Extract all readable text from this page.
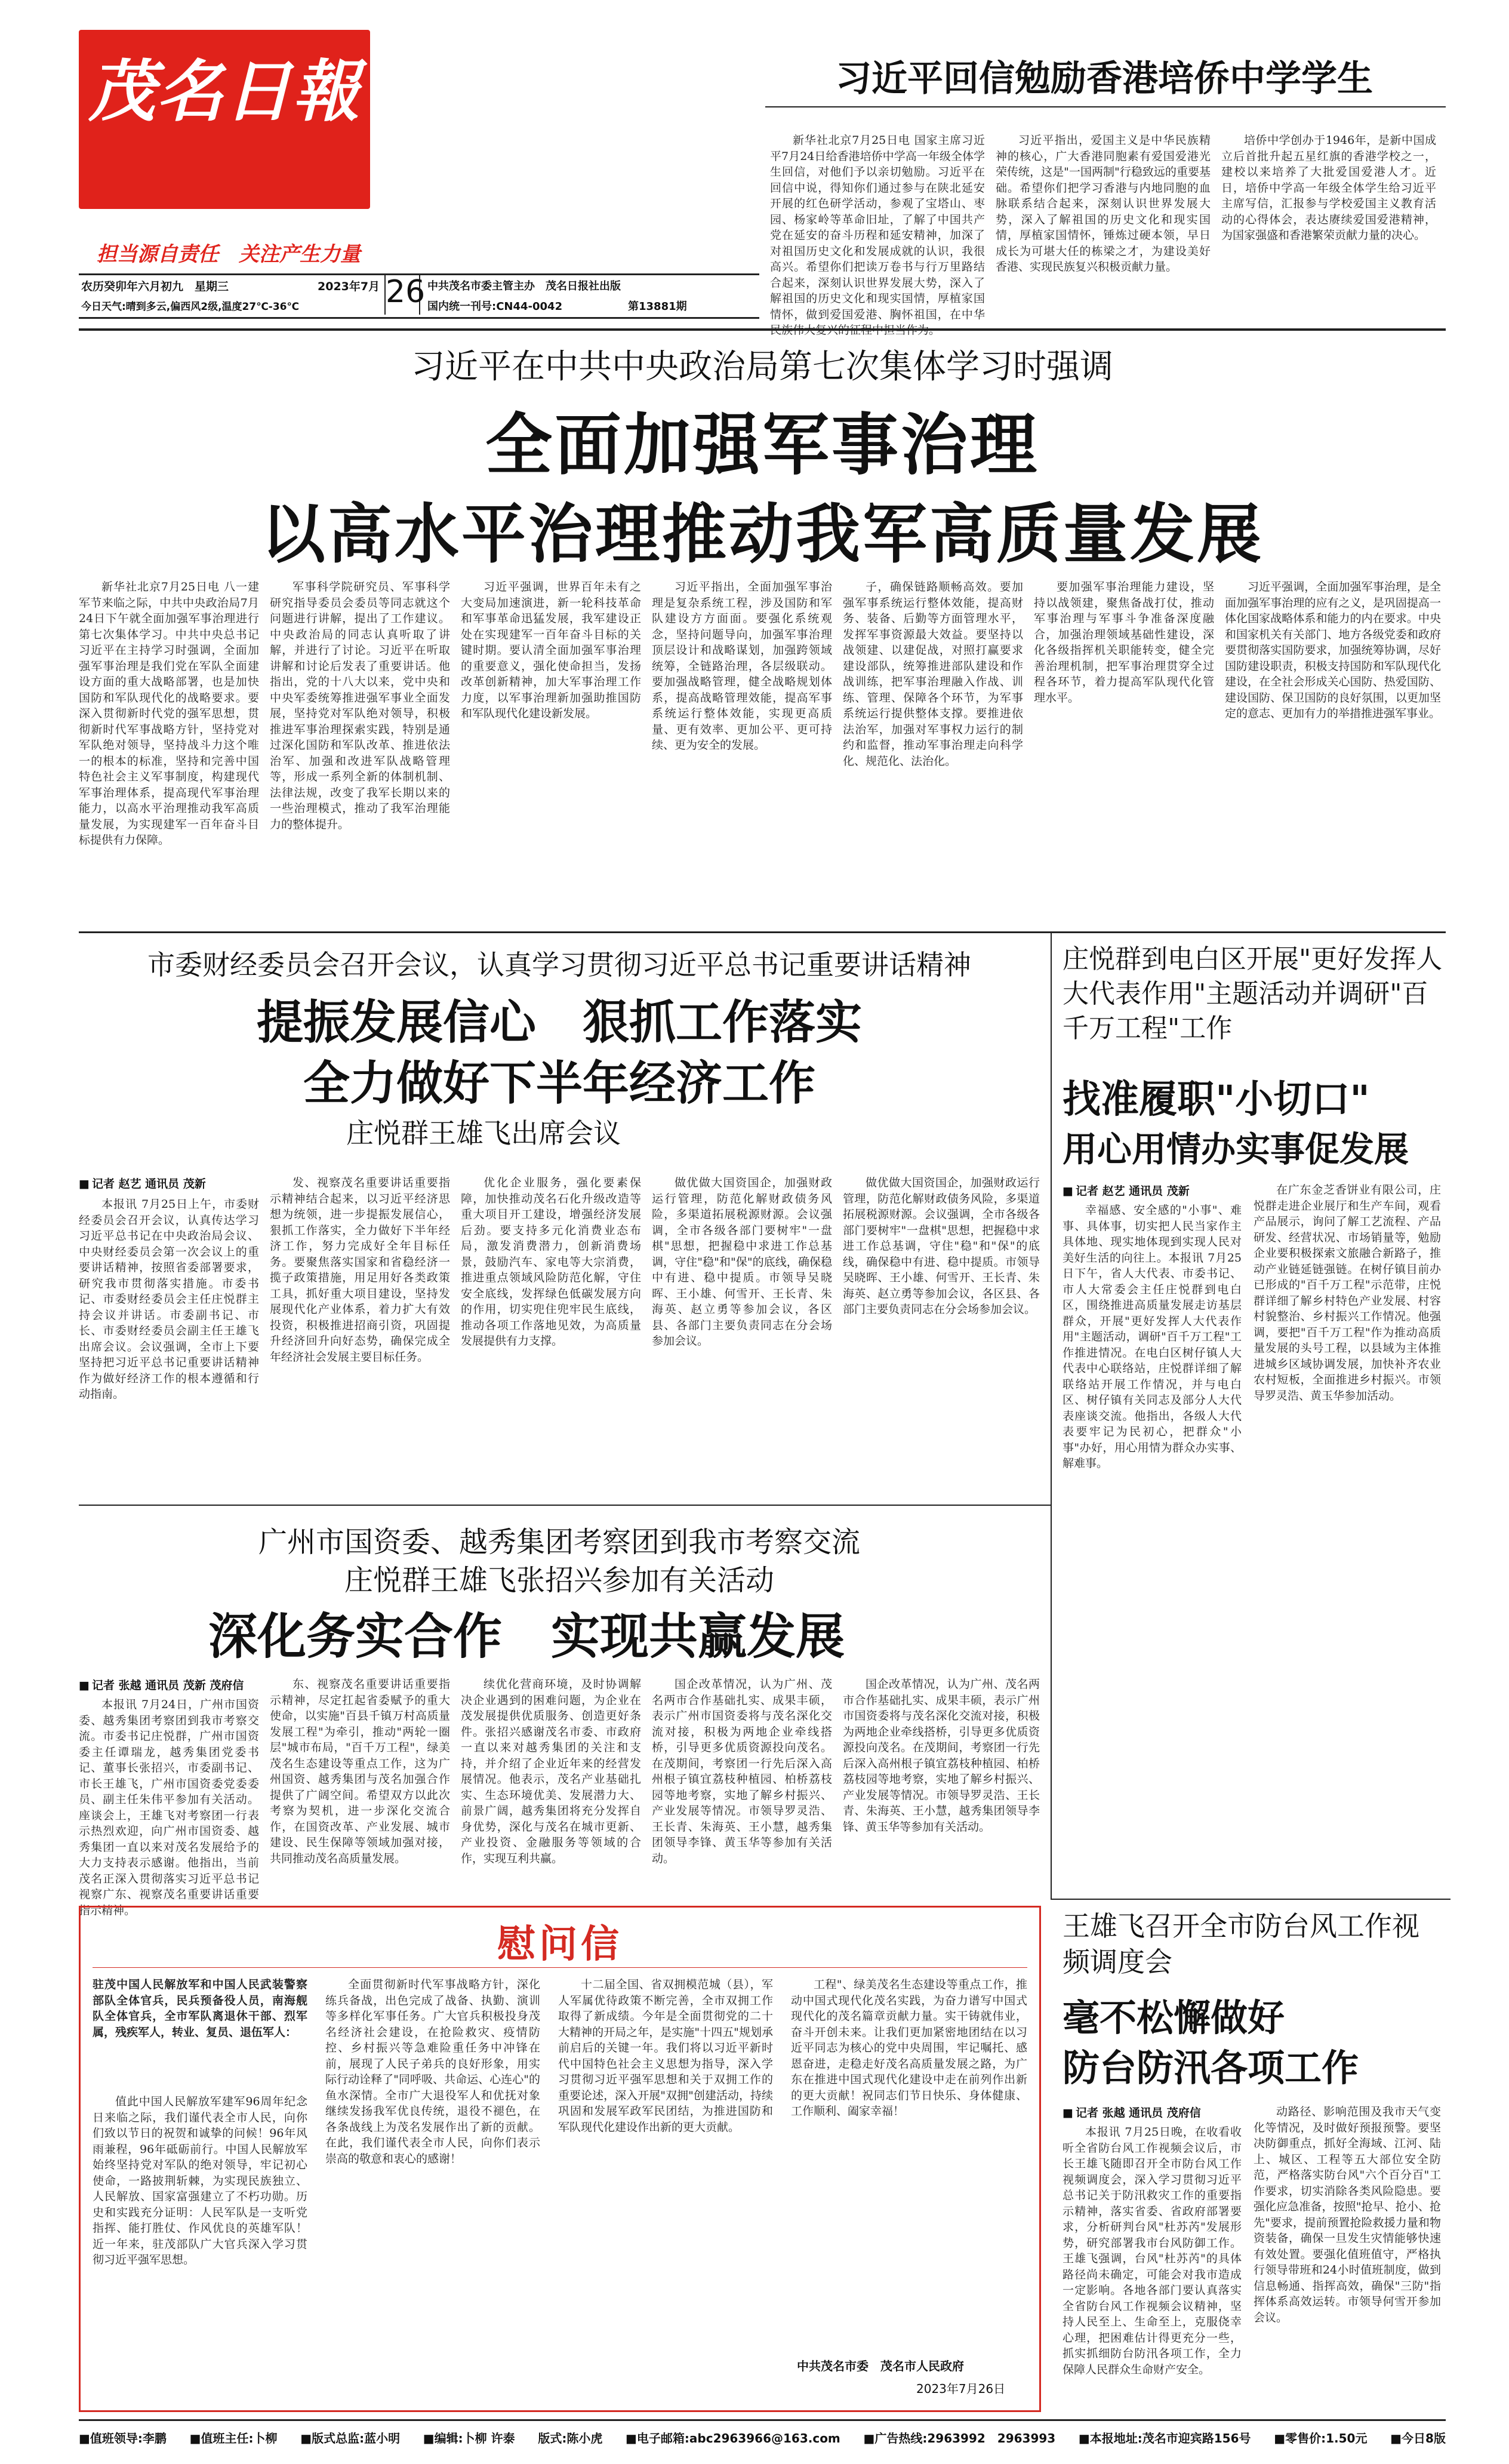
茂名日報
担当源自责任　关注产生力量
农历癸卯年六月初九　星期三
今日天气:晴到多云,偏西风2级,温度27℃-36℃
2023年7月 26 中共茂名市委主管主办　茂名日报社出版
国内统一刊号:CN44-0042	第13881期
习近平回信勉励香港培侨中学学生

新华社北京7月25日电 国家主席习近平7月24日给香港培侨中学高一年级全体学生回信，对他们予以亲切勉励。习近平在回信中说，得知你们通过参与在陕北延安开展的红色研学活动，参观了宝塔山、枣园、杨家岭等革命旧址，了解了中国共产党在延安的奋斗历程和延安精神，加深了对祖国历史文化和发展成就的认识，我很高兴。希望你们把读万卷书与行万里路结合起来，深刻认识世界发展大势，深入了解祖国的历史文化和现实国情，厚植家国情怀，做到爱国爱港、胸怀祖国，在中华

习近平指出，爱国主义是中华民族精神的核心，广大香港同胞素有爱国爱港光荣传统，这是"一国两制"行稳致远的重要基础。希望你们把学习香港与内地同胞的血脉联系结合起来，深刻认识世界发展大势，深入了解祖国的历史文化和现实国情，厚植家国情怀，锤炼过硬本领，早日成长为可堪大任的栋梁之才，为建设美好香港、实现民族复兴积极贡献力量。

培侨中学创办于1946年，是新中国成立后首批升起五星红旗的香港学校之一，建校以来培养了大批爱国爱港人才。近日，培侨中学高一年级全体学生给习近平主席写信，汇报参与学校爱国主义教育活动的心得体会，表达赓续爱国爱港精神，为国家强盛和香港繁荣贡献力量的决心。

习近平在中共中央政治局第七次集体学习时强调
全面加强军事治理
以高水平治理推动我军高质量发展

新华社北京7月25日电 八一建军节来临之际，中共中央政治局7月24日下午就全面加强军事治理进行第七次集体学习。中共中央总书记习近平在主持学习时强调，全面加强军事治理是我们党在军队全面建设方面的重大战略部署，也是加快国防和军队现代化的战略要求。要深入贯彻新时代党的强军思想，贯彻新时代军事战略方针，坚持党对军队绝对领导，坚持战斗力这个唯一的根本的标准，坚持和完善中国特色社会主义军事制度，构建现代军事治理体系，提高现代军事治理能力，以高水平治理推动我军高质量发展，为实现建军一百年奋斗目标提供有力保障。

军事科学院研究员、军事科学研究指导委员会委员等同志就这个问题进行讲解，提出了工作建议。中央政治局的同志认真听取了讲解，并进行了讨论。习近平在听取讲解和讨论后发表了重要讲话。他指出，党的十八大以来，党中央和中央军委统筹推进强军事业全面发展，坚持党对军队绝对领导，积极推进军事治理探索实践，特别是通过深化国防和军队改革、推进依法治军、加强和改进军队战略管理等，形成一系列全新的体制机制、法律法规，改变了我军长期以来的一些治理模式，推动了我军治理能力的整体提升。

习近平强调，世界百年未有之大变局加速演进，新一轮科技革命和军事革命迅猛发展，我军建设正处在实现建军一百年奋斗目标的关键时期。要认清全面加强军事治理的重要意义，强化使命担当，发扬改革创新精神，加大军事治理工作力度，以军事治理新加强助推国防和军队现代化建设新发展。

习近平指出，全面加强军事治理是复杂系统工程，涉及国防和军队建设方方面面。要强化系统观念，坚持问题导向，加强军事治理顶层设计和战略谋划，加强跨领域统筹，全链路治理，各层级联动。要加强战略管理，健全战略规划体系，提高战略管理效能，提高军事系统运行整体效能，实现更高质量、更有效率、更加公平、更可持续、更为安全的发展。

子，确保链路顺畅高效。要加强军事系统运行整体效能，提高财务、装备、后勤等方面管理水平，发挥军事资源最大效益。要坚持以战领建、以建促战，对照打赢要求建设部队，统筹推进部队建设和作战训练，把军事治理融入作战、训练、管理、保障各个环节，为军事系统运行提供整体支撑。要推进依法治军，加强对军事权力运行的制约和监督，推动军事治理走向科学化、规范化、法治化。

要加强军事治理能力建设，坚持以战领建，聚焦备战打仗，推动军事治理与军事斗争准备深度融合，加强治理领域基础性建设，深化各级指挥机关职能转变，健全完善治理机制，把军事治理贯穿全过程各环节，着力提高军队现代化管理水平。

习近平强调，全面加强军事治理，是全面加强军事治理的应有之义，是巩固提高一体化国家战略体系和能力的内在要求。中央和国家机关有关部门、地方各级党委和政府要贯彻落实国防要求，加强统筹协调，尽好国防建设职责，积极支持国防和军队现代化建设，在全社会形成关心国防、热爱国防、建设国防、保卫国防的良好氛围，以更加坚定的意志、更加有力的举措推进强军事业。

市委财经委员会召开会议，认真学习贯彻习近平总书记重要讲话精神
提振发展信心　狠抓工作落实
全力做好下半年经济工作
庄悦群王雄飞出席会议
■ 记者 赵艺 通讯员 茂新

本报讯 7月25日上午，市委财经委员会召开会议，认真传达学习习近平总书记在中央政治局会议、中央财经委员会第一次会议上的重要讲话精神，按照省委部署要求，研究我市贯彻落实措施。市委书记、市委财经委员会主任庄悦群主持会议并讲话。市委副书记、市长、市委财经委员会副主任王雄飞出席会议。会议强调，全市上下要坚持把习近平总书记重要讲话精神作为做好经济工作的根本遵循和行动指南。

发、视察茂名重要讲话重要指示精神结合起来，以习近平经济思想为统领，进一步提振发展信心，狠抓工作落实，全力做好下半年经济工作，努力完成好全年目标任务。要聚焦落实国家和省稳经济一揽子政策措施，用足用好各类政策工具，抓好重大项目建设，坚持发展现代化产业体系，着力扩大有效投资，积极推进招商引资，巩固提升经济回升向好态势，确保完成全年经济社会发展主要目标任务。

优化企业服务，强化要素保障，加快推动茂名石化升级改造等重大项目开工建设，增强经济发展后劲。要支持多元化消费业态布局，激发消费潜力，创新消费场景，鼓励汽车、家电等大宗消费，推进重点领域风险防范化解，守住安全底线，发挥绿色低碳发展方向的作用，切实兜住兜牢民生底线，推动各项工作落地见效，为高质量发展提供有力支撑。

做优做大国资国企，加强财政运行管理，防范化解财政债务风险，多渠道拓展税源财源。会议强调，全市各级各部门要树牢"一盘棋"思想，把握稳中求进工作总基调，守住"稳"和"保"的底线，确保稳中有进、稳中提质。市领导吴晓晖、王小雄、何雪开、王长青、朱海英、赵立勇等参加会议，各区县、各部门主要负责同志在分会场参加会议。

做优做大国资国企，加强财政运行管理，防范化解财政债务风险，多渠道拓展税源财源。会议强调，全市各级各部门要树牢"一盘棋"思想，把握稳中求进工作总基调，守住"稳"和"保"的底线，确保稳中有进、稳中提质。市领导吴晓晖、王小雄、何雪开、王长青、朱海英、赵立勇等参加会议，各区县、各部门主要负责同志在分会场参加会议。

庄悦群到电白区开展"更好发挥人大代表作用"主题活动并调研"百千万工程"工作
找准履职"小切口"
用心用情办实事促发展
■ 记者 赵艺 通讯员 茂新

幸福感、安全感的"小事"、难事、具体事，切实把人民当家作主具体地、现实地体现到实现人民对美好生活的向往上。本报讯 7月25日下午，省人大代表、市委书记、市人大常委会主任庄悦群到电白区，围绕推进高质量发展走访基层群众，开展"更好发挥人大代表作用"主题活动，调研"百千万工程"工作推进情况。在电白区树仔镇人大代表中心联络站，庄悦群详细了解联络站开展工作情况，并与电白区、树仔镇有关同志及部分人大代表座谈交流。他指出，各级人大代表要牢记为民初心，把群众"小事"办好，用心用情为群众办实事、解难事。

在广东金芝香饼业有限公司，庄悦群走进企业展厅和生产车间，观看产品展示，询问了解工艺流程、产品研发、经营状况、市场销量等，勉励企业要积极探索文旅融合新路子，推动产业链延链强链。在树仔镇目前办已形成的"百千万工程"示范带，庄悦群详细了解乡村特色产业发展、村容村貌整治、乡村振兴工作情况。他强调，要把"百千万工程"作为推动高质量发展的头号工程，以县域为主体推进城乡区域协调发展，加快补齐农业农村短板，全面推进乡村振兴。市领导罗灵浩、黄玉华参加活动。

广州市国资委、越秀集团考察团到我市考察交流
庄悦群王雄飞张招兴参加有关活动
深化务实合作　实现共赢发展
■ 记者 张越 通讯员 茂新 茂府信

本报讯 7月24日，广州市国资委、越秀集团考察团到我市考察交流。市委书记庄悦群，广州市国资委主任谭瑞龙，越秀集团党委书记、董事长张招兴，市委副书记、市长王雄飞，广州市国资委党委委员、副主任朱伟平参加有关活动。座谈会上，王雄飞对考察团一行表示热烈欢迎，向广州市国资委、越秀集团一直以来对茂名发展给予的大力支持表示感谢。他指出，当前茂名正深入贯彻落实习近平总书记视察广东、视察茂名重要讲话重要指示精神。

东、视察茂名重要讲话重要指示精神，尽定扛起省委赋予的重大使命，以实施"百县千镇万村高质量发展工程"为牵引，推动"两轮一圈层"城市布局，"百千万工程"，绿美茂名生态建设等重点工作，这为广州国资、越秀集团与茂名加强合作提供了广阔空间。希望双方以此次考察为契机，进一步深化交流合作，在国资改革、产业发展、城市建设、民生保障等领域加强对接，共同推动茂名高质量发展。

续优化营商环境，及时协调解决企业遇到的困难问题，为企业在茂发展提供优质服务、创造更好条件。张招兴感谢茂名市委、市政府一直以来对越秀集团的关注和支持，并介绍了企业近年来的经营发展情况。他表示，茂名产业基础扎实、生态环境优美、发展潜力大、前景广阔，越秀集团将充分发挥自身优势，深化与茂名在城市更新、产业投资、金融服务等领域的合作，实现互利共赢。

国企改革情况，认为广州、茂名两市合作基础扎实、成果丰硕，表示广州市国资委将与茂名深化交流对接，积极为两地企业牵线搭桥，引导更多优质资源投向茂名。在茂期间，考察团一行先后深入高州根子镇宜荔枝种植园、柏桥荔枝园等地考察，实地了解乡村振兴、产业发展等情况。市领导罗灵浩、王长青、朱海英、王小慧，越秀集团领导李锋、黄玉华等参加有关活动。

国企改革情况，认为广州、茂名两市合作基础扎实、成果丰硕，表示广州市国资委将与茂名深化交流对接，积极为两地企业牵线搭桥，引导更多优质资源投向茂名。在茂期间，考察团一行先后深入高州根子镇宜荔枝种植园、柏桥荔枝园等地考察，实地了解乡村振兴、产业发展等情况。市领导罗灵浩、王长青、朱海英、王小慧，越秀集团领导李锋、黄玉华等参加有关活动。

慰问信

驻茂中国人民解放军和中国人民武装警察部队全体官兵，民兵预备役人员，南海舰队全体官兵，全市军队离退休干部、烈军属，残疾军人，转业、复员、退伍军人：

值此中国人民解放军建军96周年纪念日来临之际，我们谨代表全市人民，向你们致以节日的祝贺和诚挚的问候！96年风雨兼程，96年砥砺前行。中国人民解放军始终坚持党对军队的绝对领导，牢记初心使命，一路披荆斩棘，为实现民族独立、人民解放、国家富强建立了不朽功勋。历史和实践充分证明：人民军队是一支听党指挥、能打胜仗、作风优良的英雄军队！近一年来，驻茂部队广大官兵深入学习贯彻习近平强军思想。

全面贯彻新时代军事战略方针，深化练兵备战，出色完成了战备、执勤、演训等多样化军事任务。广大官兵积极投身茂名经济社会建设，在抢险救灾、疫情防控、乡村振兴等急难险重任务中冲锋在前，展现了人民子弟兵的良好形象，用实际行动诠释了"同呼吸、共命运、心连心"的鱼水深情。全市广大退役军人和优抚对象继续发扬我军优良传统，退役不褪色，在各条战线上为茂名发展作出了新的贡献。在此，我们谨代表全市人民，向你们表示崇高的敬意和衷心的感谢！

十二届全国、省双拥模范城（县），军人军属优待政策不断完善，全市双拥工作取得了新成绩。今年是全面贯彻党的二十大精神的开局之年，是实施"十四五"规划承前启后的关键一年。我们将以习近平新时代中国特色社会主义思想为指导，深入学习贯彻习近平强军思想和关于双拥工作的重要论述，深入开展"双拥"创建活动，持续巩固和发展军政军民团结，为推进国防和军队现代化建设作出新的更大贡献。

工程"、绿美茂名生态建设等重点工作，推动中国式现代化茂名实践，为奋力谱写中国式现代化的茂名篇章贡献力量。实干铸就伟业，奋斗开创未来。让我们更加紧密地团结在以习近平同志为核心的党中央周围，牢记嘱托、感恩奋进，走稳走好茂名高质量发展之路，为广东在推进中国式现代化建设中走在前列作出新的更大贡献！祝同志们节日快乐、身体健康、工作顺利、阖家幸福！

中共茂名市委　茂名市人民政府
2023年7月26日
王雄飞召开全市防台风工作视频调度会
毫不松懈做好
防台防汛各项工作
■ 记者 张越 通讯员 茂府信

本报讯 7月25日晚，在收看收听全省防台风工作视频会议后，市长王雄飞随即召开全市防台风工作视频调度会，深入学习贯彻习近平总书记关于防汛救灾工作的重要指示精神，落实省委、省政府部署要求，分析研判台风"杜苏芮"发展形势，研究部署我市台风防御工作。王雄飞强调，台风"杜苏芮"的具体路径尚未确定，可能会对我市造成一定影响。各地各部门要认真落实全省防台风工作视频会议精神，坚持人民至上、生命至上，克服侥幸心理，把困难估计得更充分一些，抓实抓细防台防汛各项工作，全力保障人民群众生命财产安全。

动路径、影响范围及我市天气变化等情况，及时做好预报预警。要坚决防御重点，抓好全海域、江河、陆上、城区、工程等五大部位安全防范，严格落实防台风"六个百分百"工作要求，切实消除各类风险隐患。要强化应急准备，按照"抢早、抢小、抢先"要求，提前预置抢险救援力量和物资装备，确保一旦发生灾情能够快速有效处置。要强化值班值守，严格执行领导带班和24小时值班制度，做到信息畅通、指挥高效，确保"三防"指挥体系高效运转。市领导何雪开参加会议。

■值班领导:李鹏 ■值班主任:卜柳 ■版式总监:蓝小明 ■编辑:卜柳 许泰 版式:陈小虎 ■电子邮箱:abc2963966@163.com ■广告热线:2963992　2963993 ■本报地址:茂名市迎宾路156号 ■零售价:1.50元 ■今日8版
